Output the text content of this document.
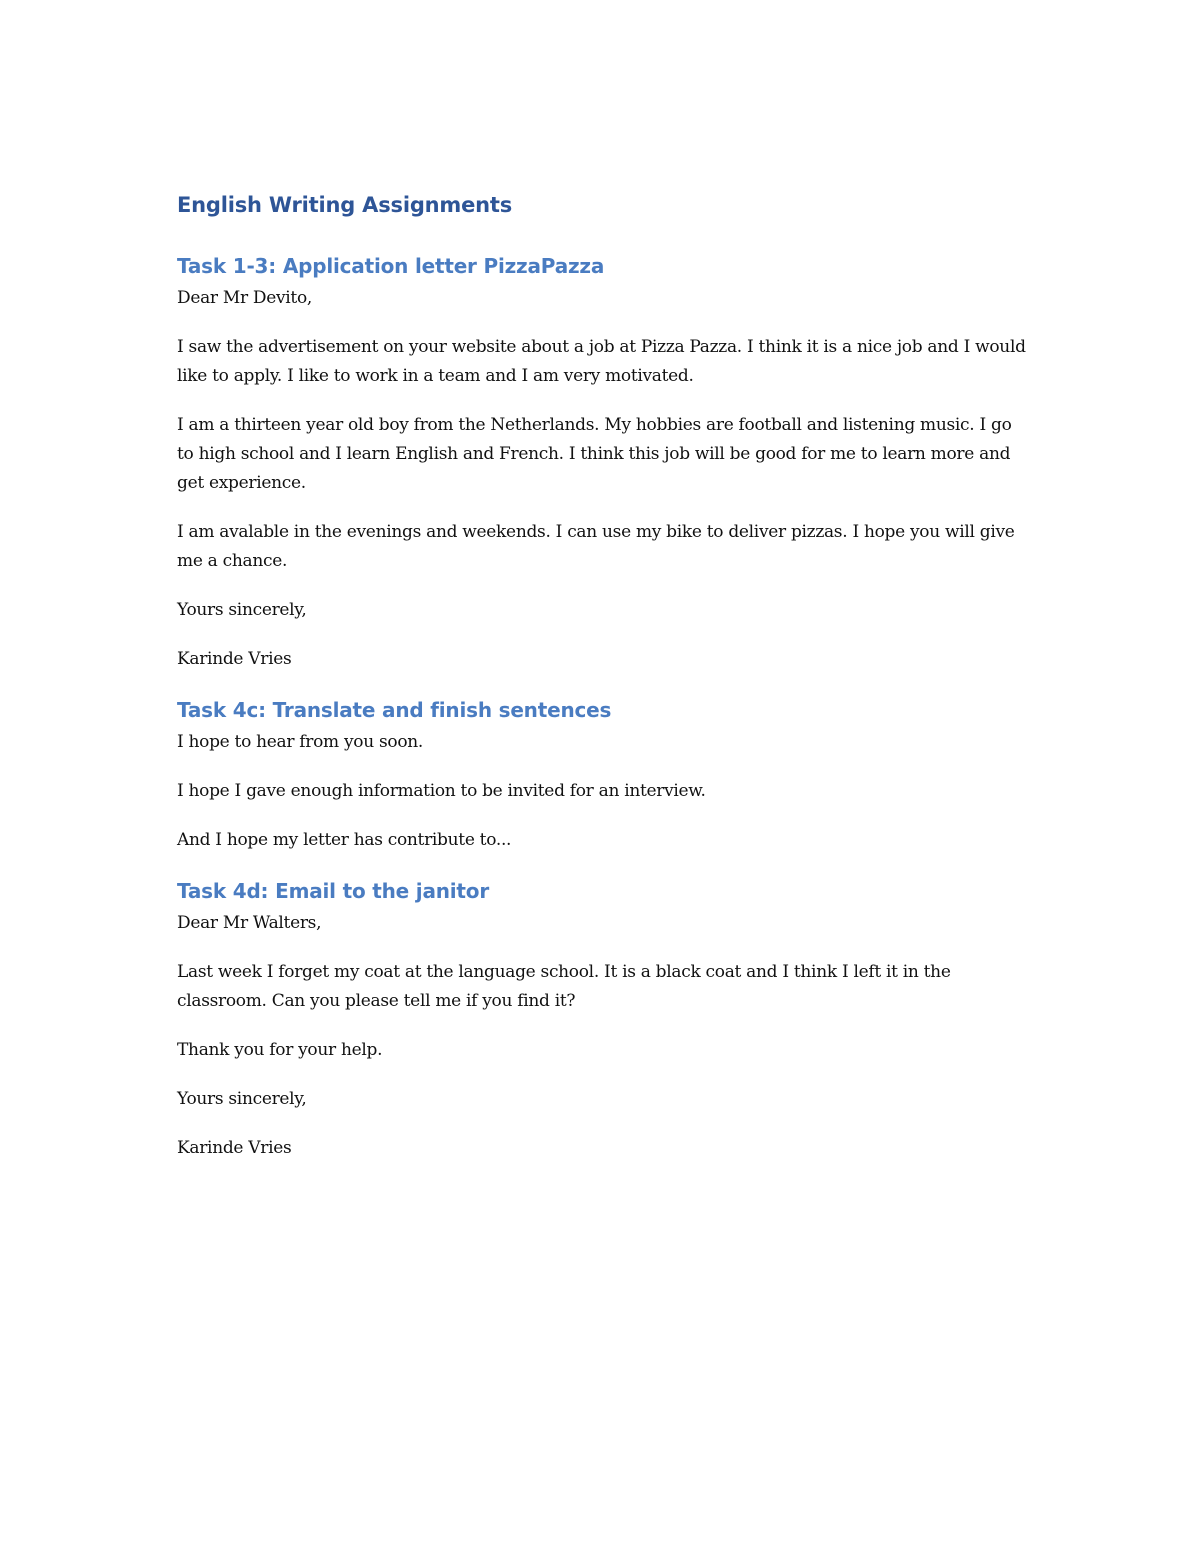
English Writing Assignments
Task 1-3: Application letter PizzaPazza

Dear Mr Devito,

I saw the advertisement on your website about a job at Pizza Pazza. I think it is a nice job and I would like to apply. I like to work in a team and I am very motivated.

I am a thirteen year old boy from the Netherlands. My hobbies are football and listening music. I go to high school and I learn English and French. I think this job will be good for me to learn more and get experience.

I am avalable in the evenings and weekends. I can use my bike to deliver pizzas. I hope you will give me a chance.

Yours sincerely,

Karinde Vries

Task 4c: Translate and finish sentences

I hope to hear from you soon.

I hope I gave enough information to be invited for an interview.

And I hope my letter has contribute to...

Task 4d: Email to the janitor

Dear Mr Walters,

Last week I forget my coat at the language school. It is a black coat and I think I left it in the classroom. Can you please tell me if you find it?

Thank you for your help.

Yours sincerely,

Karinde Vries
